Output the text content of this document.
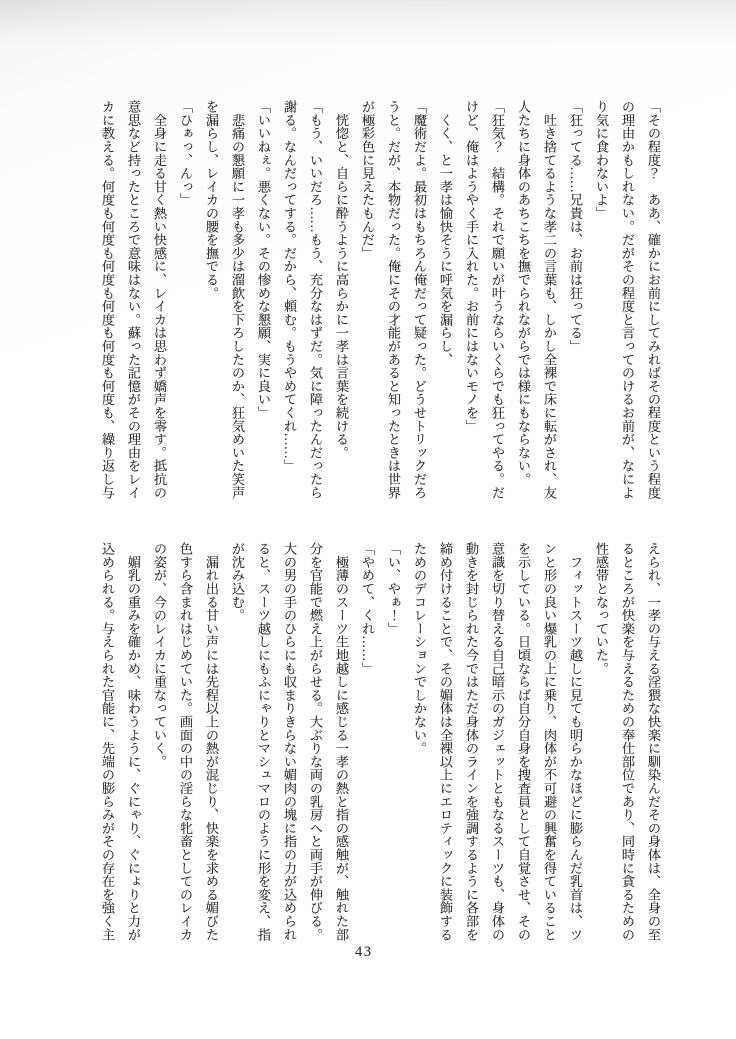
「その程度？　ああ、確かにお前にしてみればその程度という程度
の理由かもしれない。だがその程度と言ってのけるお前が、なによ
り気に食わないよ」
「狂ってる……兄貴は、お前は狂ってる」
　吐き捨てるような孝二の言葉も、しかし全裸で床に転がされ、友
人たちに身体のあちこちを撫でられながらでは様にもならない。
「狂気？　結構。それで願いが叶うならいくらでも狂ってやる。だ
けど、俺はようやく手に入れた。お前にはないモノを」
　くく、と一孝は愉快そうに呼気を漏らし、
「魔術だよ。最初はもちろん俺だって疑った。どうせトリックだろ
うと。だが、本物だった。俺にその才能があると知ったときは世界
が極彩色に見えたもんだ」
　恍惚と、自らに酔うように高らかに一孝は言葉を続ける。
「もう、いいだろ……もう、充分なはずだ。気に障ったんだったら
謝る。なんだってする。だから、頼む。もうやめてくれ……」
「いいねぇ。悪くない。その惨めな懇願、実に良い」
　悲痛の懇願に一孝も多少は溜飲を下ろしたのか、狂気めいた笑声
を漏らし、レイカの腰を撫でる。
「ひぁっ、んっ」
　全身に走る甘く熱い快感に、レイカは思わず嬌声を零す。抵抗の
意思など持ったところで意味はない。蘇った記憶がその理由をレイ
カに教える。何度も何度も何度も何度も何度も何度も、繰り返し与
えられ、一孝の与える淫猥な快楽に馴染んだその身体は、全身の至
るところが快楽を与えるための奉仕部位であり、同時に貪るための
性感帯となっていた。
　フィットスーツ越しに見ても明らかなほどに膨らんだ乳首は、ツ
ンと形の良い爆乳の上に乗り、肉体が不可避の興奮を得ていること
を示している。日頃ならば自分自身を捜査員として自覚させ、その
意識を切り替える自己暗示のガジェットともなるスーツも、身体の
動きを封じられた今ではただ身体のラインを強調するように各部を
締め付けることで、その媚体は全裸以上にエロティックに装飾する
ためのデコレーションでしかない。
「い、やぁ！」
「やめて、くれ……」
　極薄のスーツ生地越しに感じる一孝の熱と指の感触が、触れた部
分を官能で燃え上がらせる。大ぶりな両の乳房へと両手が伸びる。
大の男の手のひらにも収まりきらない媚肉の塊に指の力が込められ
ると、スーツ越しにもふにゃりとマシュマロのように形を変え、指
が沈み込む。
　漏れ出る甘い声には先程以上の熱が混じり、快楽を求める媚びた
色すら含まれはじめていた。画面の中の淫らな牝畜としてのレイカ
の姿が、今のレイカに重なっていく。
　媚乳の重みを確かめ、味わうように、ぐにゃり、ぐにょりと力が
込められる。与えられた官能に、先端の膨らみがその存在を強く主
43
